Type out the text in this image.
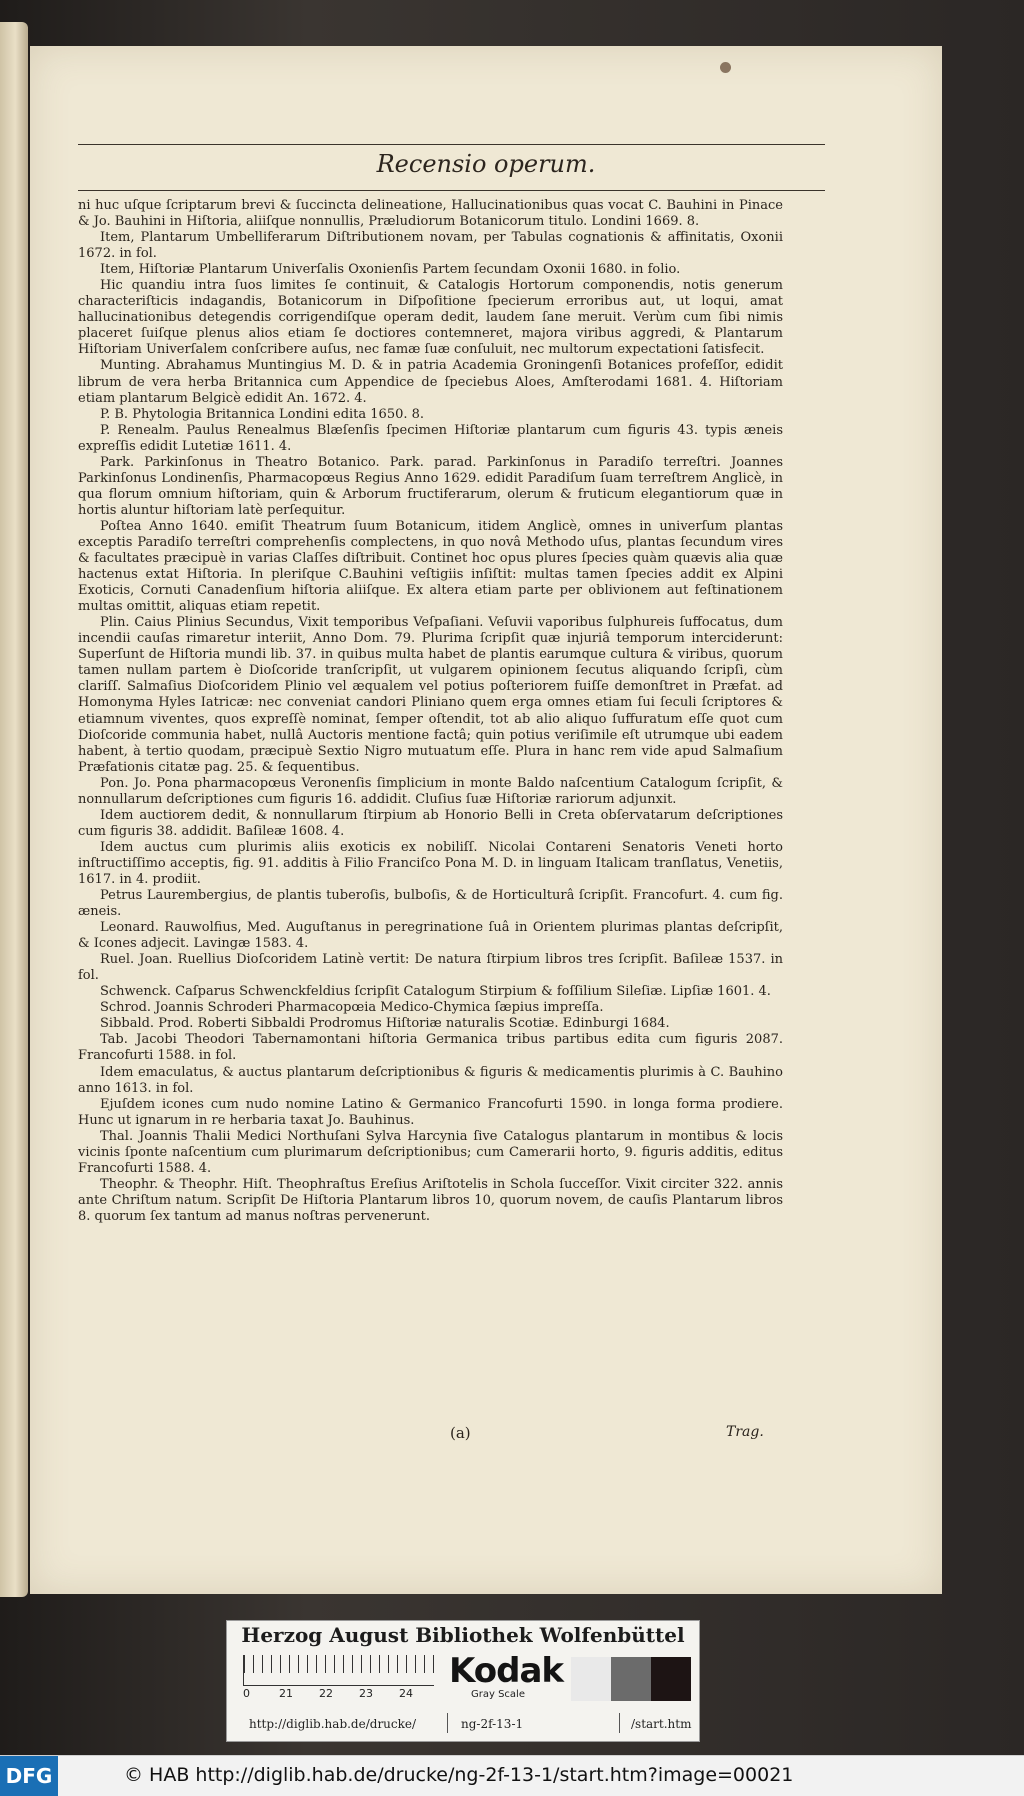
Recensio operum.

ni huc uſque ſcriptarum brevi & ſuccincta delineatione, Hallucinationibus quas vocat C. Bauhini in Pinace & Jo. Bauhini in Hiſtoria, aliiſque nonnullis, Præludiorum Botanicorum titulo. Londini 1669. 8.

Item, Plantarum Umbelliferarum Diſtributionem novam, per Tabulas cognationis & affinitatis, Oxonii 1672. in fol.

Item, Hiſtoriæ Plantarum Univerſalis Oxonienſis Partem ſecundam Oxonii 1680. in folio.

Hic quandiu intra ſuos limites ſe continuit, & Catalogis Hortorum componendis, notis generum characteriſticis indagandis, Botanicorum in Diſpoſitione ſpecierum erroribus aut, ut loqui, amat hallucinationibus detegendis corrigendiſque operam dedit, laudem ſane meruit. Verùm cum ſibi nimis placeret ſuiſque plenus alios etiam ſe doctiores contemneret, majora viribus aggredi, & Plantarum Hiſtoriam Univerſalem conſcribere auſus, nec famæ ſuæ conſuluit, nec multorum expectationi ſatisfecit.

Munting. Abrahamus Muntingius M. D. & in patria Academia Groningenſi Botanices profeſſor, edidit librum de vera herba Britannica cum Appendice de ſpeciebus Aloes, Amſterodami 1681. 4. Hiſtoriam etiam plantarum Belgicè edidit An. 1672. 4.

P. B. Phytologia Britannica Londini edita 1650. 8.

P. Renealm. Paulus Renealmus Blæſenſis ſpecimen Hiſtoriæ plantarum cum figuris 43. typis æneis expreſſis edidit Lutetiæ 1611. 4.

Park. Parkinſonus in Theatro Botanico. Park. parad. Parkinſonus in Paradiſo terreſtri. Joannes Parkinſonus Londinenſis, Pharmacopœus Regius Anno 1629. edidit Paradiſum ſuam terreſtrem Anglicè, in qua florum omnium hiſtoriam, quin & Arborum fructiferarum, olerum & fruticum elegantiorum quæ in hortis aluntur hiſtoriam latè perſequitur.

Poſtea Anno 1640. emiſit Theatrum ſuum Botanicum, itidem Anglicè, omnes in univerſum plantas exceptis Paradiſo terreſtri comprehenſis complectens, in quo novâ Methodo uſus, plantas ſecundum vires & facultates præcipuè in varias Claſſes diſtribuit. Continet hoc opus plures ſpecies quàm quævis alia quæ hactenus extat Hiſtoria. In pleriſque C.Bauhini veſtigiis inſiſtit: multas tamen ſpecies addit ex Alpini Exoticis, Cornuti Canadenſium hiſtoria aliiſque. Ex altera etiam parte per oblivionem aut feſtinationem multas omittit, aliquas etiam repetit.

Plin. Caius Plinius Secundus, Vixit temporibus Veſpaſiani. Veſuvii vaporibus ſulphureis ſuffocatus, dum incendii cauſas rimaretur interiit, Anno Dom. 79. Plurima ſcripſit quæ injuriâ temporum interciderunt: Superſunt de Hiſtoria mundi lib. 37. in quibus multa habet de plantis earumque cultura & viribus, quorum tamen nullam partem è Dioſcoride tranſcripſit, ut vulgarem opinionem ſecutus aliquando ſcripſi, cùm clariſſ. Salmaſius Dioſcoridem Plinio vel æqualem vel potius poſteriorem fuiſſe demonſtret in Præfat. ad Homonyma Hyles Iatricæ: nec conveniat candori Pliniano quem erga omnes etiam ſui ſeculi ſcriptores & etiamnum viventes, quos expreſſè nominat, ſemper oſtendit, tot ab alio aliquo ſuffuratum eſſe quot cum Dioſcoride communia habet, nullâ Auctoris mentione factâ; quin potius veriſimile eſt utrumque ubi eadem habent, à tertio quodam, præcipuè Sextio Nigro mutuatum eſſe. Plura in hanc rem vide apud Salmaſium Præfationis citatæ pag. 25. & ſequentibus.

Pon. Jo. Pona pharmacopœus Veronenſis ſimplicium in monte Baldo naſcentium Catalogum ſcripſit, & nonnullarum deſcriptiones cum figuris 16. addidit. Cluſius ſuæ Hiſtoriæ rariorum adjunxit.

Idem auctiorem dedit, & nonnullarum ſtirpium ab Honorio Belli in Creta obſervatarum deſcriptiones cum figuris 38. addidit. Baſileæ 1608. 4.

Idem auctus cum plurimis aliis exoticis ex nobiliſſ. Nicolai Contareni Senatoris Veneti horto inſtructiſſimo acceptis, fig. 91. additis à Filio Franciſco Pona M. D. in linguam Italicam tranſlatus, Venetiis, 1617. in 4. prodiit.

Petrus Laurembergius, de plantis tuberoſis, bulboſis, & de Horticulturâ ſcripſit. Francofurt. 4. cum fig. æneis.

Leonard. Rauwolfius, Med. Auguſtanus in peregrinatione ſuâ in Orientem plurimas plantas deſcripſit, & Icones adjecit. Lavingæ 1583. 4.

Ruel. Joan. Ruellius Dioſcoridem Latinè vertit: De natura ſtirpium libros tres ſcripſit. Baſileæ 1537. in fol.

Schwenck. Caſparus Schwenckfeldius ſcripſit Catalogum Stirpium & foſſilium Sileſiæ. Lipſiæ 1601. 4.

Schrod. Joannis Schroderi Pharmacopœia Medico-Chymica ſæpius impreſſa.

Sibbald. Prod. Roberti Sibbaldi Prodromus Hiſtoriæ naturalis Scotiæ. Edinburgi 1684.

Tab. Jacobi Theodori Tabernamontani hiſtoria Germanica tribus partibus edita cum figuris 2087. Francofurti 1588. in fol.

Idem emaculatus, & auctus plantarum deſcriptionibus & figuris & medicamentis plurimis à C. Bauhino anno 1613. in fol.

Ejuſdem icones cum nudo nomine Latino & Germanico Francofurti 1590. in longa forma prodiere. Hunc ut ignarum in re herbaria taxat Jo. Bauhinus.

Thal. Joannis Thalii Medici Northuſani Sylva Harcynia ſive Catalogus plantarum in montibus & locis vicinis ſponte naſcentium cum plurimarum deſcriptionibus; cum Camerarii horto, 9. figuris additis, editus Francofurti 1588. 4.

Theophr. & Theophr. Hiſt. Theophraſtus Ereſius Ariſtotelis in Schola ſucceſſor. Vixit circiter 322. annis ante Chriſtum natum. Scripſit De Hiſtoria Plantarum libros 10, quorum novem, de cauſis Plantarum libros 8. quorum ſex tantum ad manus noſtras pervenerunt.

(a)	Trag.
Herzog August Bibliothek Wolfenbüttel
0	21 22 23 24
Kodak
Gray Scale
http://diglib.hab.de/drucke/	ng-2f-13-1	/start.htm
DFG	© HAB http://diglib.hab.de/drucke/ng-2f-13-1/start.htm?image=00021
